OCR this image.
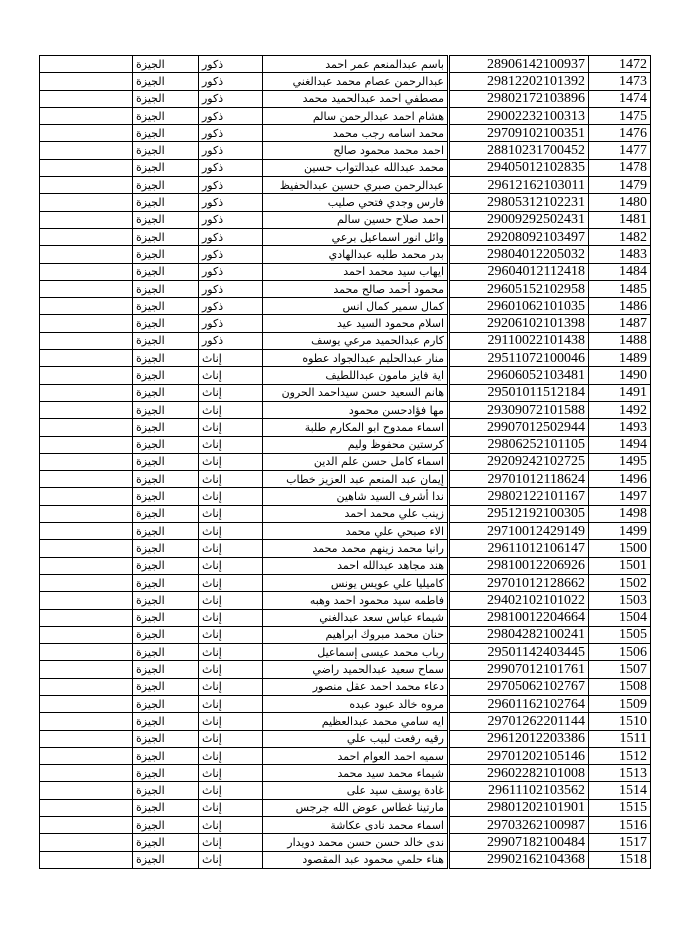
1472	28906142100937	باسم عبدالمنعم عمر احمد	ذكور	الجيزة	
1473	29812202101392	عبدالرحمن عصام محمد عبدالغني	ذكور	الجيزة	
1474	29802172103896	مصطفي احمد عبدالحميد محمد	ذكور	الجيزة	
1475	29002232100313	هشام احمد عبدالرحمن سالم	ذكور	الجيزة	
1476	29709102100351	محمد اسامه رجب محمد	ذكور	الجيزة	
1477	28810231700452	احمد محمد محمود صالح	ذكور	الجيزة	
1478	29405012102835	محمد عبدالله عبدالتواب حسين	ذكور	الجيزة	
1479	29612162103011	عبدالرحمن صبري حسين عبدالحفيظ	ذكور	الجيزة	
1480	29805312102231	فارس وجدي فتحي صليب	ذكور	الجيزة	
1481	29009292502431	احمد صلاح حسين سالم	ذكور	الجيزة	
1482	29208092103497	وائل انور اسماعيل برعي	ذكور	الجيزة	
1483	29804012205032	بدر محمد طلبه عبدالهادي	ذكور	الجيزة	
1484	29604012112418	ايهاب سيد محمد احمد	ذكور	الجيزة	
1485	29605152102958	محمود أحمد صالح محمد	ذكور	الجيزة	
1486	29601062101035	كمال سمير كمال انس	ذكور	الجيزة	
1487	29206102101398	اسلام محمود السيد عيد	ذكور	الجيزة	
1488	29110022101438	كارم عبدالحميد مرعي يوسف	ذكور	الجيزة	
1489	29511072100046	منار عبدالحليم عبدالجواد عطوه	إناث	الجيزة	
1490	29606052103481	اية فايز مامون عبداللطيف	إناث	الجيزة	
1491	29501011512184	هانم السعيد حسن سيداحمد الحرون	إناث	الجيزة	
1492	29309072101588	مها فؤادحسن محمود	إناث	الجيزة	
1493	29907012502944	اسماء ممدوح ابو المكارم طلبة	إناث	الجيزة	
1494	29806252101105	كرستين محفوظ وليم	إناث	الجيزة	
1495	29209242102725	اسماء كامل حسن علم الدين	إناث	الجيزة	
1496	29701012118624	إيمان عبد المنعم عبد العزيز خطاب	إناث	الجيزة	
1497	29802122101167	ندا أشرف السيد شاهين	إناث	الجيزة	
1498	29512192100305	زينب علي محمد احمد	إناث	الجيزة	
1499	29710012429149	الاء صبحي علي محمد	إناث	الجيزة	
1500	29611012106147	رانيا محمد زينهم محمد محمد	إناث	الجيزة	
1501	29810012206926	هند مجاهد عبدالله احمد	إناث	الجيزة	
1502	29701012128662	كاميليا علي عويس يونس	إناث	الجيزة	
1503	29402102101022	فاطمه سيد محمود احمد وهبه	إناث	الجيزة	
1504	29810012204664	شيماء عباس سعد عبدالغني	إناث	الجيزة	
1505	29804282100241	حنان محمد مبروك ابراهيم	إناث	الجيزة	
1506	29501142403445	رباب محمد عيسى إسماعيل	إناث	الجيزة	
1507	29907012101761	سماح سعيد عبدالحميد راضي	إناث	الجيزة	
1508	29705062102767	دعاء محمد احمد عقل منصور	إناث	الجيزة	
1509	29601162102764	مروه خالد عبود عبده	إناث	الجيزة	
1510	29701262201144	ايه سامي محمد عبدالعظيم	إناث	الجيزة	
1511	29612012203386	رقيه رفعت لبيب علي	إناث	الجيزة	
1512	29701202105146	سميه احمد العوام احمد	إناث	الجيزة	
1513	29602282101008	شيماء محمد سيد محمد	إناث	الجيزة	
1514	29611102103562	غادة يوسف سيد على	إناث	الجيزة	
1515	29801202101901	مارتينا غطاس عوض الله جرجس	إناث	الجيزة	
1516	29703262100987	اسماء محمد نادى عكاشة	إناث	الجيزة	
1517	29907182100484	ندى خالد حسن حسن محمد دويدار	إناث	الجيزة	
1518	29902162104368	هناء حلمي محمود عبد المقصود	إناث	الجيزة	
